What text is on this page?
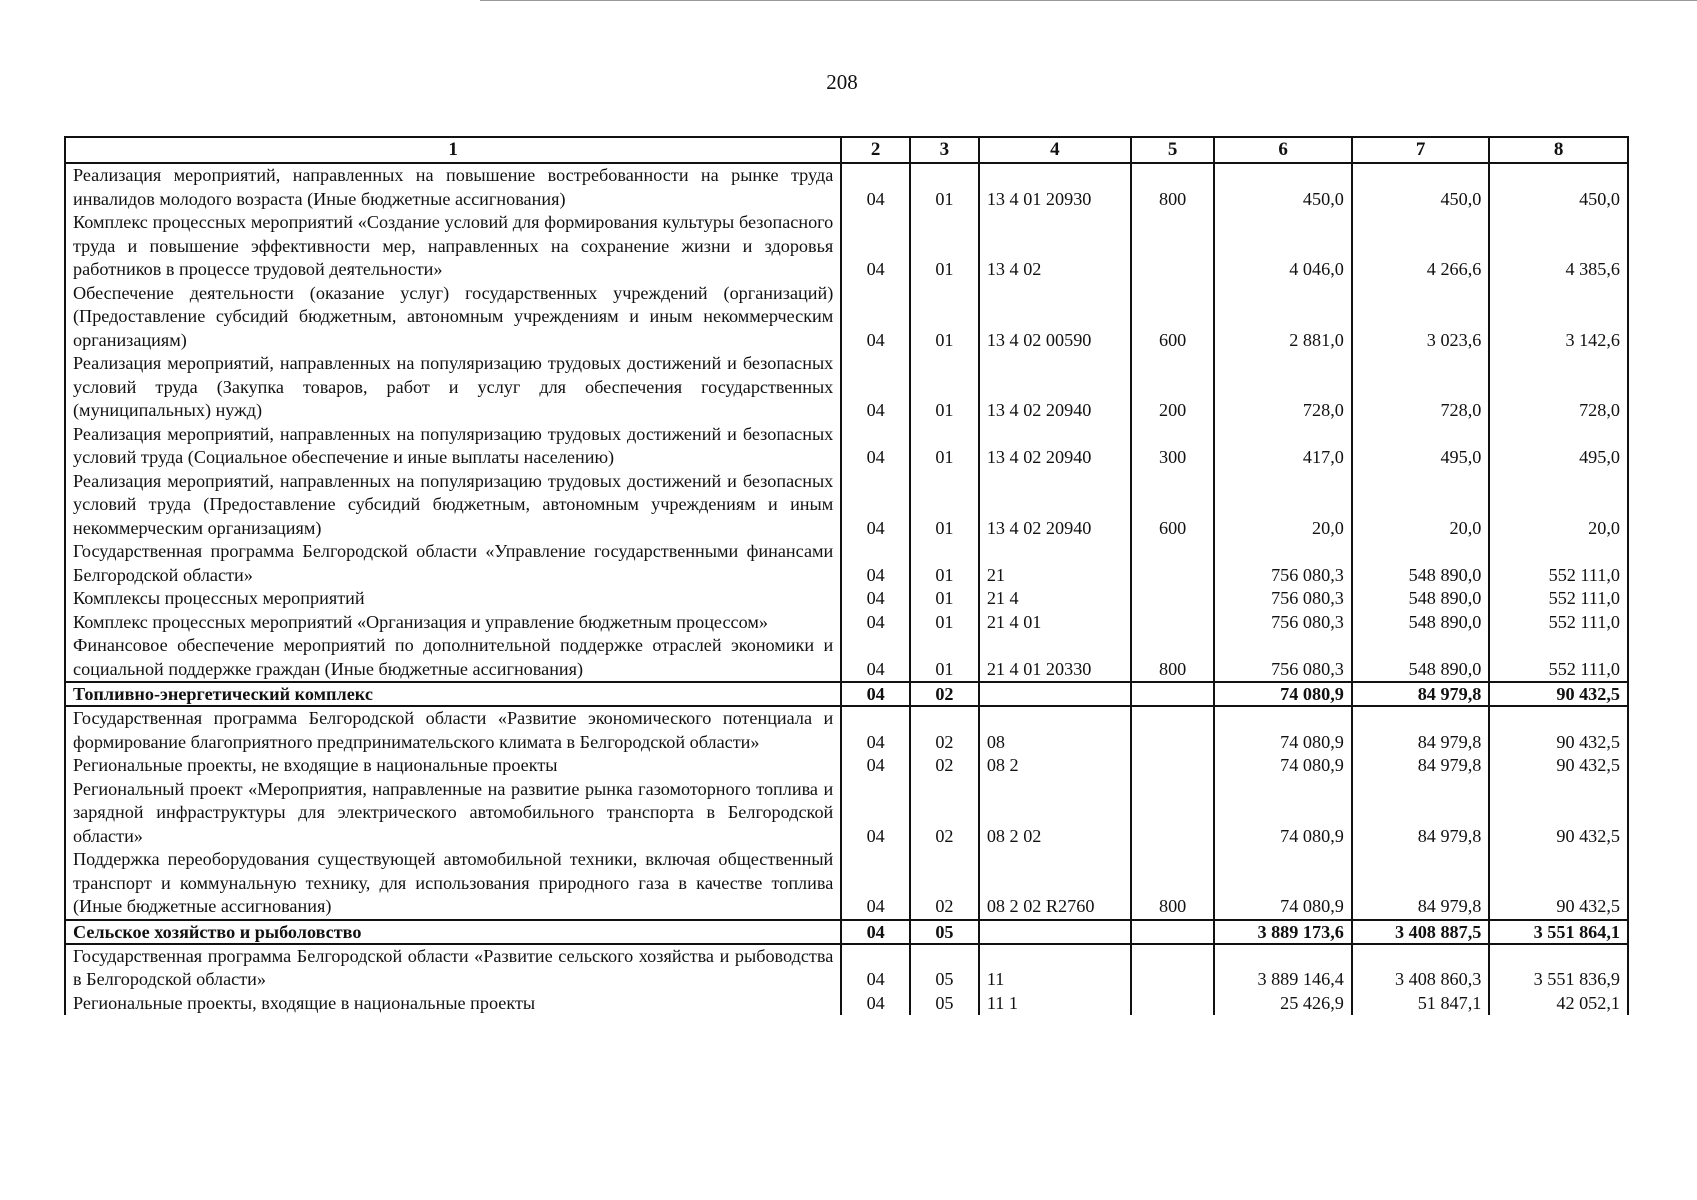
208
1	2	3	4	5	6	7	8
Реализация мероприятий, направленных на повышение востребованности на рынке труда инвалидов молодого возраста (Иные бюджетные ассигнования)	04	01	13 4 01 20930	800	450,0	450,0	450,0
Комплекс процессных мероприятий «Создание условий для формирования культуры безопасного труда и повышение эффективности мер, направленных на сохранение жизни и здоровья работников в процессе трудовой деятельности»	04	01	13 4 02		4 046,0	4 266,6	4 385,6
Обеспечение деятельности (оказание услуг) государственных учреждений (организаций) (Предоставление субсидий бюджетным, автономным учреждениям и иным некоммерческим организациям)	04	01	13 4 02 00590	600	2 881,0	3 023,6	3 142,6
Реализация мероприятий, направленных на популяризацию трудовых достижений и безопасных условий труда (Закупка товаров, работ и услуг для обеспечения государственных (муниципальных) нужд)	04	01	13 4 02 20940	200	728,0	728,0	728,0
Реализация мероприятий, направленных на популяризацию трудовых достижений и безопасных условий труда (Социальное обеспечение и иные выплаты населению)	04	01	13 4 02 20940	300	417,0	495,0	495,0
Реализация мероприятий, направленных на популяризацию трудовых достижений и безопасных условий труда (Предоставление субсидий бюджетным, автономным учреждениям и иным некоммерческим организациям)	04	01	13 4 02 20940	600	20,0	20,0	20,0
Государственная программа Белгородской области «Управление государственными финансами Белгородской области»	04	01	21		756 080,3	548 890,0	552 111,0
Комплексы процессных мероприятий	04	01	21 4		756 080,3	548 890,0	552 111,0
Комплекс процессных мероприятий «Организация и управление бюджетным процессом»	04	01	21 4 01		756 080,3	548 890,0	552 111,0
Финансовое обеспечение мероприятий по дополнительной поддержке отраслей экономики и социальной поддержке граждан (Иные бюджетные ассигнования)	04	01	21 4 01 20330	800	756 080,3	548 890,0	552 111,0
Топливно-энергетический комплекс	04	02			74 080,9	84 979,8	90 432,5
Государственная программа Белгородской области «Развитие экономического потенциала и формирование благоприятного предпринимательского климата в Белгородской области»	04	02	08		74 080,9	84 979,8	90 432,5
Региональные проекты, не входящие в национальные проекты	04	02	08 2		74 080,9	84 979,8	90 432,5
Региональный проект «Мероприятия, направленные на развитие рынка газомоторного топлива и зарядной инфраструктуры для электрического автомобильного транспорта в Белгородской области»	04	02	08 2 02		74 080,9	84 979,8	90 432,5
Поддержка переоборудования существующей автомобильной техники, включая общественный транспорт и коммунальную технику, для использования природного газа в качестве топлива (Иные бюджетные ассигнования)	04	02	08 2 02 R2760	800	74 080,9	84 979,8	90 432,5
Сельское хозяйство и рыболовство	04	05			3 889 173,6	3 408 887,5	3 551 864,1
Государственная программа Белгородской области «Развитие сельского хозяйства и рыбоводства в Белгородской области»	04	05	11		3 889 146,4	3 408 860,3	3 551 836,9
Региональные проекты, входящие в национальные проекты	04	05	11 1		25 426,9	51 847,1	42 052,1
